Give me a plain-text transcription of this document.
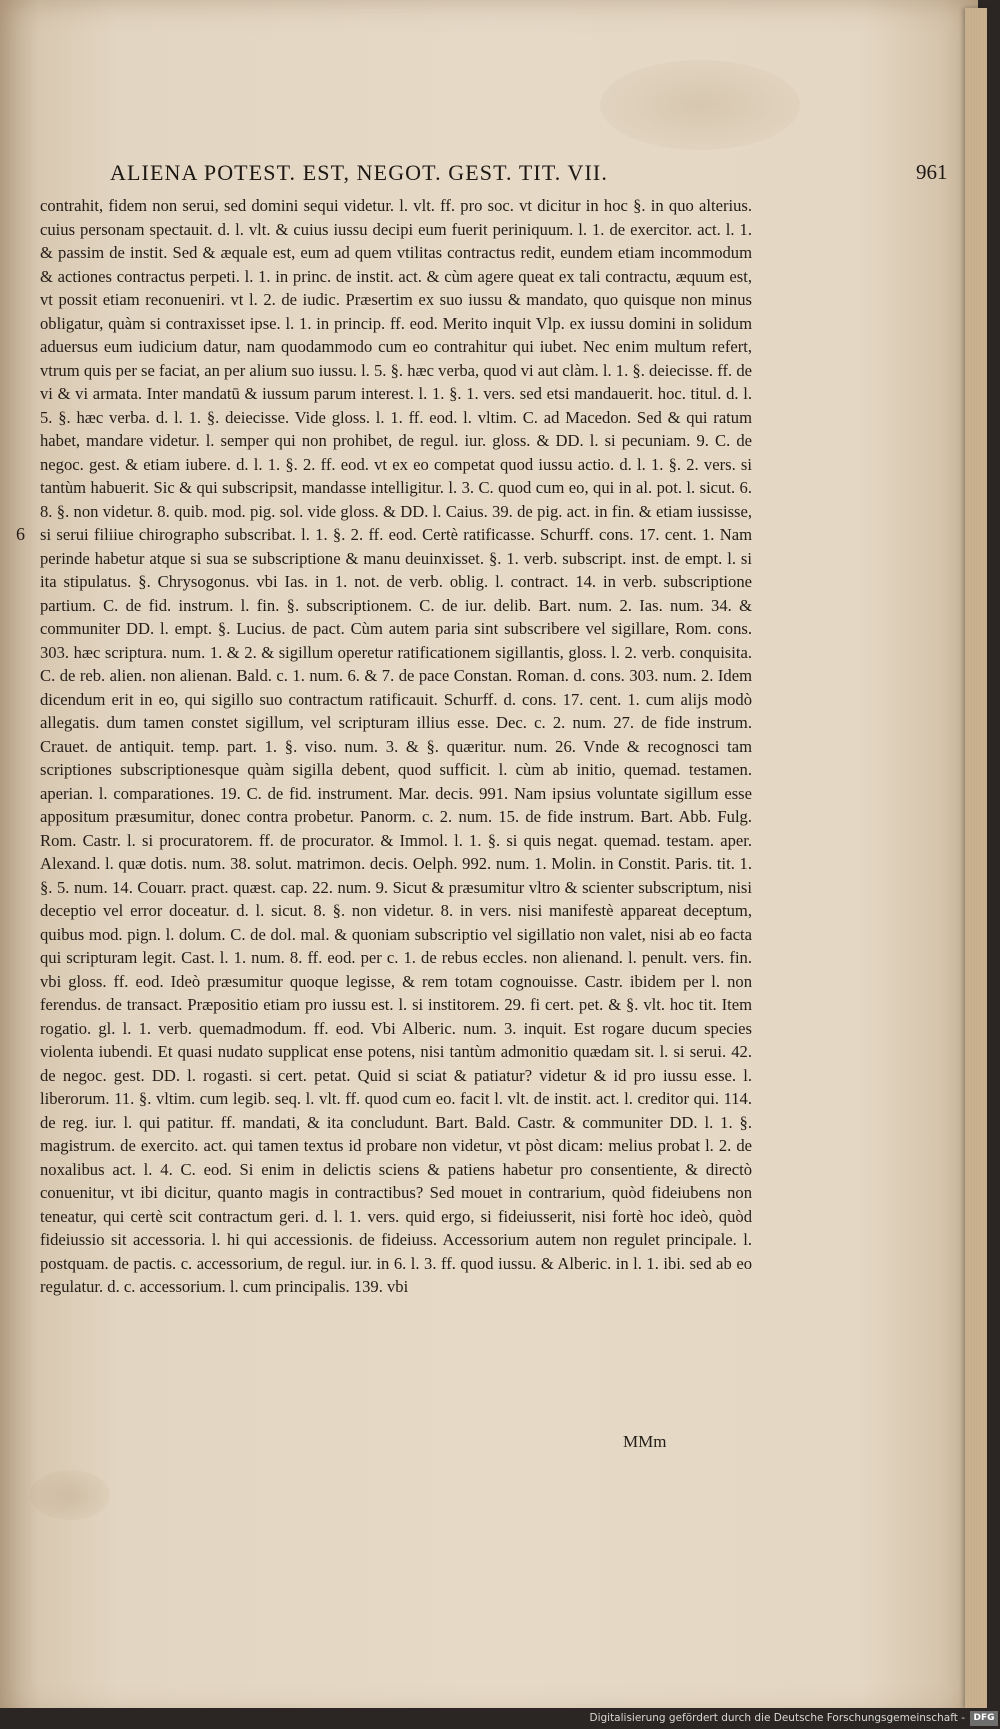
ALIENA POTEST. EST, NEGOT. GEST. TIT. VII.	961
6
contrahit, fidem non serui, sed domini sequi videtur. l. vlt. ff. pro soc. vt dicitur in hoc §. in quo alterius. cuius personam spectauit. d. l. vlt. & cuius iussu decipi eum fuerit periniquum. l. 1. de exercitor. act. l. 1. & passim de instit. Sed & æquale est, eum ad quem vtilitas contractus redit, eundem etiam incommodum & actiones contractus perpeti. l. 1. in princ. de instit. act. & cùm agere queat ex tali contractu, æquum est, vt possit etiam reconueniri. vt l. 2. de iudic. Præsertim ex suo iussu & mandato, quo quisque non minus obligatur, quàm si contraxisset ipse. l. 1. in princip. ff. eod. Merito inquit Vlp. ex iussu domini in solidum aduersus eum iudicium datur, nam quodammodo cum eo contrahitur qui iubet. Nec enim multum refert, vtrum quis per se faciat, an per alium suo iussu. l. 5. §. hæc verba, quod vi aut clàm. l. 1. §. deiecisse. ff. de vi & vi armata. Inter mandatū & iussum parum interest. l. 1. §. 1. vers. sed etsi mandauerit. hoc. titul. d. l. 5. §. hæc verba. d. l. 1. §. deiecisse. Vide gloss. l. 1. ff. eod. l. vltim. C. ad Macedon. Sed & qui ratum habet, mandare videtur. l. semper qui non prohibet, de regul. iur. gloss. & DD. l. si pecuniam. 9. C. de negoc. gest. & etiam iubere. d. l. 1. §. 2. ff. eod. vt ex eo competat quod iussu actio. d. l. 1. §. 2. vers. si tantùm habuerit. Sic & qui subscripsit, mandasse intelligitur. l. 3. C. quod cum eo, qui in al. pot. l. sicut. 6. 8. §. non videtur. 8. quib. mod. pig. sol. vide gloss. & DD. l. Caius. 39. de pig. act. in fin. & etiam iussisse, si serui filiiue chirographo subscribat. l. 1. §. 2. ff. eod. Certè ratificasse. Schurff. cons. 17. cent. 1. Nam perinde habetur atque si sua se subscriptione & manu deuinxisset. §. 1. verb. subscript. inst. de empt. l. si ita stipulatus. §. Chrysogonus. vbi Ias. in 1. not. de verb. oblig. l. contract. 14. in verb. subscriptione partium. C. de fid. instrum. l. fin. §. subscriptionem. C. de iur. delib. Bart. num. 2. Ias. num. 34. & communiter DD. l. empt. §. Lucius. de pact. Cùm autem paria sint subscribere vel sigillare, Rom. cons. 303. hæc scriptura. num. 1. & 2. & sigillum operetur ratificationem sigillantis, gloss. l. 2. verb. conquisita. C. de reb. alien. non alienan. Bald. c. 1. num. 6. & 7. de pace Constan. Roman. d. cons. 303. num. 2. Idem dicendum erit in eo, qui sigillo suo contractum ratificauit. Schurff. d. cons. 17. cent. 1. cum alijs modò allegatis. dum tamen constet sigillum, vel scripturam illius esse. Dec. c. 2. num. 27. de fide instrum. Crauet. de antiquit. temp. part. 1. §. viso. num. 3. & §. quæritur. num. 26. Vnde & recognosci tam scriptiones subscriptionesque quàm sigilla debent, quod sufficit. l. cùm ab initio, quemad. testamen. aperian. l. comparationes. 19. C. de fid. instrument. Mar. decis. 991. Nam ipsius voluntate sigillum esse appositum præsumitur, donec contra probetur. Panorm. c. 2. num. 15. de fide instrum. Bart. Abb. Fulg. Rom. Castr. l. si procuratorem. ff. de procurator. & Immol. l. 1. §. si quis negat. quemad. testam. aper. Alexand. l. quæ dotis. num. 38. solut. matrimon. decis. Oelph. 992. num. 1. Molin. in Constit. Paris. tit. 1. §. 5. num. 14. Couarr. pract. quæst. cap. 22. num. 9. Sicut & præsumitur vltro & scienter subscriptum, nisi deceptio vel error doceatur. d. l. sicut. 8. §. non videtur. 8. in vers. nisi manifestè appareat deceptum, quibus mod. pign. l. dolum. C. de dol. mal. & quoniam subscriptio vel sigillatio non valet, nisi ab eo facta qui scripturam legit. Cast. l. 1. num. 8. ff. eod. per c. 1. de rebus eccles. non alienand. l. penult. vers. fin. vbi gloss. ff. eod. Ideò præsumitur quoque legisse, & rem totam cognouisse. Castr. ibidem per l. non ferendus. de transact. Præpositio etiam pro iussu est. l. si institorem. 29. fi cert. pet. & §. vlt. hoc tit. Item rogatio. gl. l. 1. verb. quemadmodum. ff. eod. Vbi Alberic. num. 3. inquit. Est rogare ducum species violenta iubendi. Et quasi nudato supplicat ense potens, nisi tantùm admonitio quædam sit. l. si serui. 42. de negoc. gest. DD. l. rogasti. si cert. petat. Quid si sciat & patiatur? videtur & id pro iussu esse. l. liberorum. 11. §. vltim. cum legib. seq. l. vlt. ff. quod cum eo. facit l. vlt. de instit. act. l. creditor qui. 114. de reg. iur. l. qui patitur. ff. mandati, & ita concludunt. Bart. Bald. Castr. & communiter DD. l. 1. §. magistrum. de exercito. act. qui tamen textus id probare non videtur, vt pòst dicam: melius probat l. 2. de noxalibus act. l. 4. C. eod. Si enim in delictis sciens & patiens habetur pro consentiente, & directò conuenitur, vt ibi dicitur, quanto magis in contractibus? Sed mouet in contrarium, quòd fideiubens non teneatur, qui certè scit contractum geri. d. l. 1. vers. quid ergo, si fideiusserit, nisi fortè hoc ideò, quòd fideiussio sit accessoria. l. hi qui accessionis. de fideiuss. Accessorium autem non regulet principale. l. postquam. de pactis. c. accessorium, de regul. iur. in 6. l. 3. ff. quod iussu. & Alberic. in l. 1. ibi. sed ab eo regulatur. d. c. accessorium. l. cum principalis. 139. vbi
MMm
Digitalisierung gefördert durch die Deutsche Forschungsgemeinschaft - DFG
